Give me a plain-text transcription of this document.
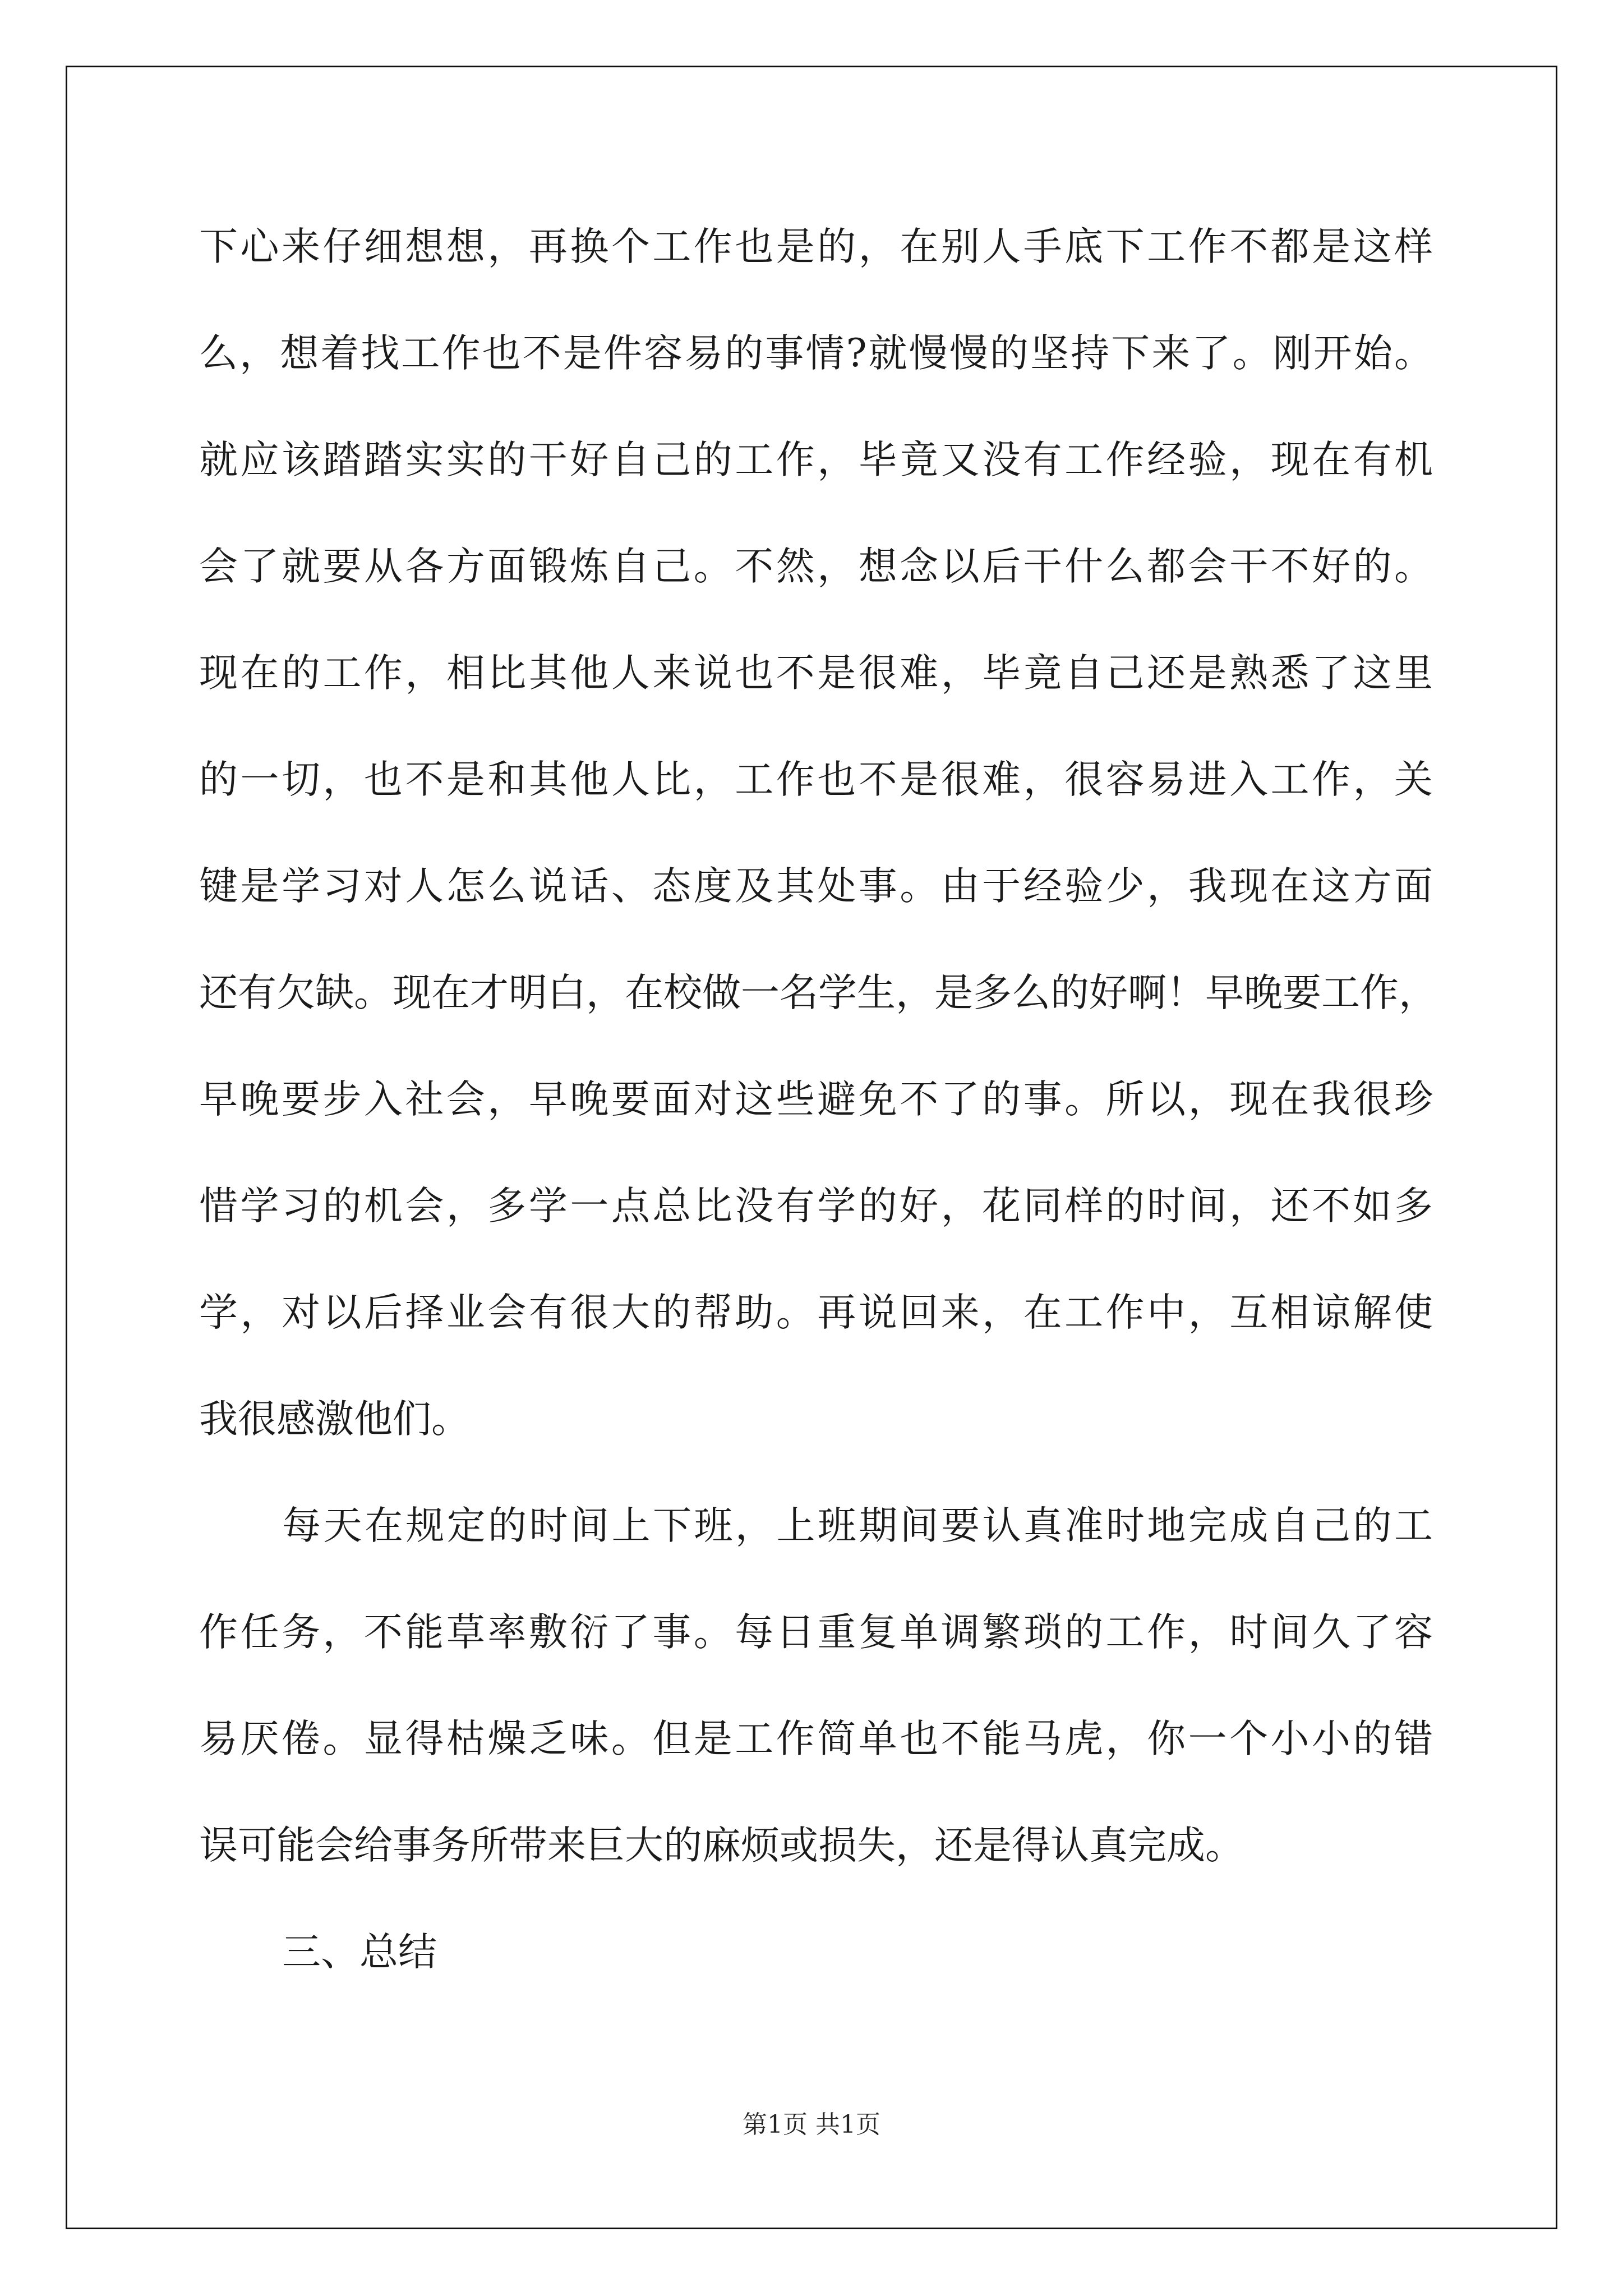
下心来仔细想想，再换个工作也是的，在别人手底下工作不都是这样
么，想着找工作也不是件容易的事情?就慢慢的坚持下来了。刚开始。
就应该踏踏实实的干好自己的工作，毕竟又没有工作经验，现在有机
会了就要从各方面锻炼自己。不然，想念以后干什么都会干不好的。
现在的工作，相比其他人来说也不是很难，毕竟自己还是熟悉了这里
的一切，也不是和其他人比，工作也不是很难，很容易进入工作，关
键是学习对人怎么说话、态度及其处事。由于经验少，我现在这方面
还有欠缺。现在才明白，在校做一名学生，是多么的好啊！早晚要工作，
早晚要步入社会，早晚要面对这些避免不了的事。所以，现在我很珍
惜学习的机会，多学一点总比没有学的好，花同样的时间，还不如多
学，对以后择业会有很大的帮助。再说回来，在工作中，互相谅解使
我很感激他们。
每天在规定的时间上下班，上班期间要认真准时地完成自己的工
作任务，不能草率敷衍了事。每日重复单调繁琐的工作，时间久了容
易厌倦。显得枯燥乏味。但是工作简单也不能马虎，你一个小小的错
误可能会给事务所带来巨大的麻烦或损失，还是得认真完成。
三、总结
第1页 共1页
